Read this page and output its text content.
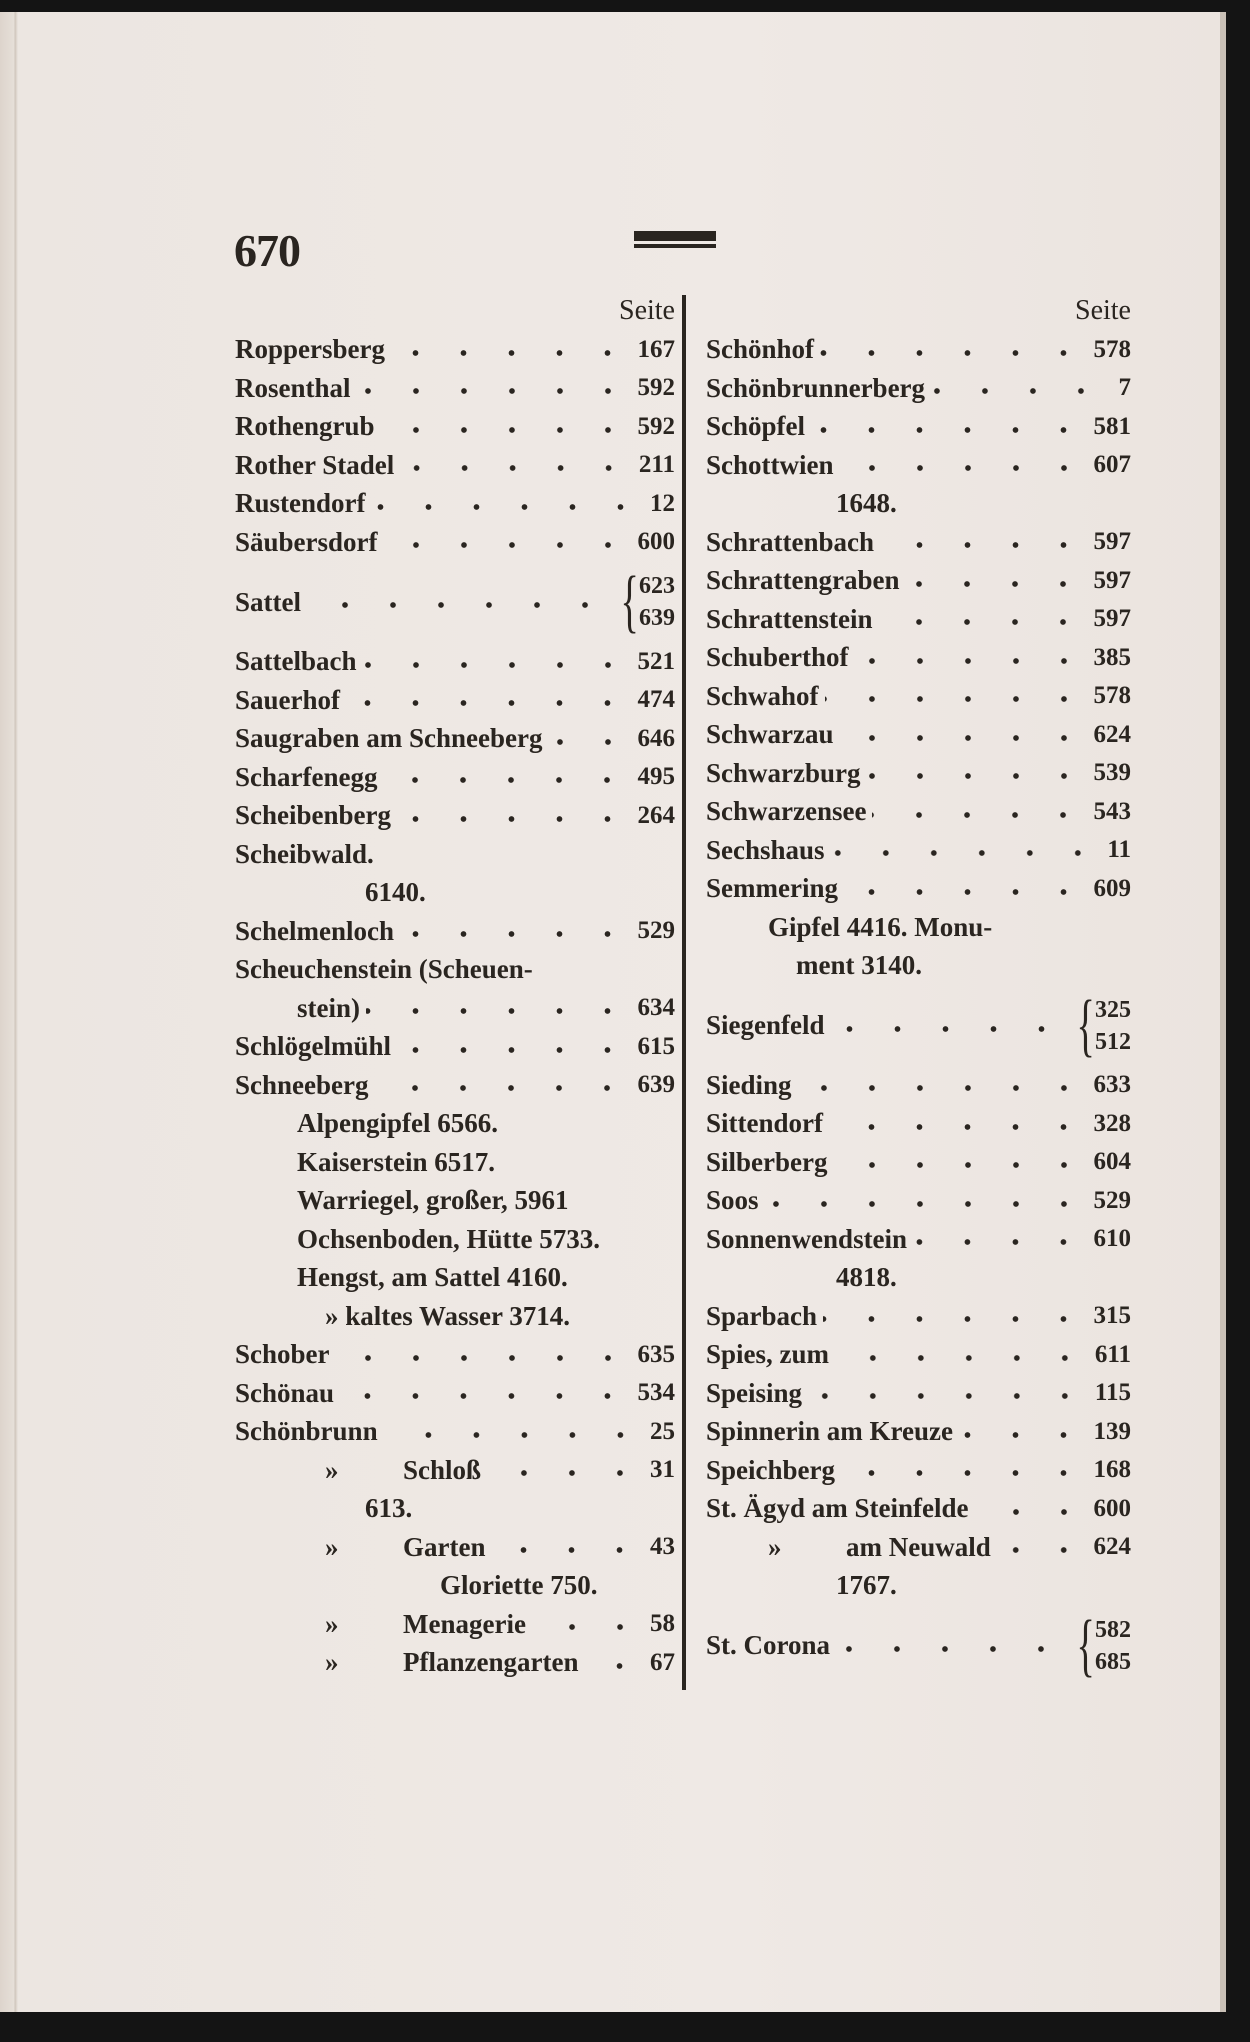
670
Seite
Roppersberg	167
Rosenthal	592
Rothengrub	592
Rother Stadel	211
Rustendorf	12
Säubersdorf	600
Sattel	{ 623
639
Sattelbach	521
Sauerhof	474
Saugraben am Schneeberg	646
Scharfenegg	495
Scheibenberg	264
Scheibwald.
6140.
Schelmenloch	529
Scheuchenstein (Scheuen-
stein)	634
Schlögelmühl	615
Schneeberg	639
Alpengipfel 6566.
Kaiserstein 6517.
Warriegel, großer, 5961
Ochsenboden, Hütte 5733.
Hengst, am Sattel 4160.
» kaltes Wasser 3714.
Schober	635
Schönau	534
Schönbrunn	25
»	Schloß	31
613.
»	Garten	43
Gloriette 750.
»	Menagerie	58
»	Pflanzengarten	67
Seite
Schönhof	578
Schönbrunnerberg	7
Schöpfel	581
Schottwien	607
1648.
Schrattenbach	597
Schrattengraben	597
Schrattenstein	597
Schuberthof	385
Schwahof	578
Schwarzau	624
Schwarzburg	539
Schwarzensee	543
Sechshaus	11
Semmering	609
Gipfel 4416. Monu-
ment 3140.
Siegenfeld	{ 325
512
Sieding	633
Sittendorf	328
Silberberg	604
Soos	529
Sonnenwendstein	610
4818.
Sparbach	315
Spies, zum	611
Speising	115
Spinnerin am Kreuze	139
Speichberg	168
St. Ägyd am Steinfelde	600
»	am Neuwald	624
1767.
St. Corona	{ 582
685
